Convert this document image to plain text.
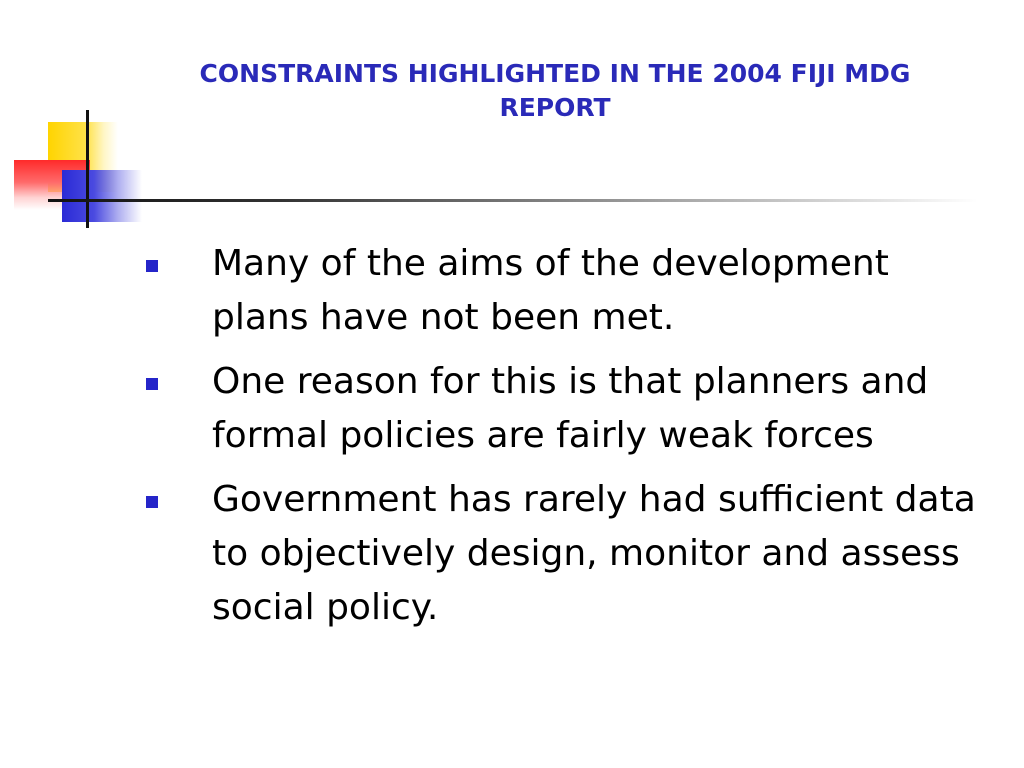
CONSTRAINTS HIGHLIGHTED IN THE 2004 FIJI MDG REPORT
Many of the aims of the development plans have not been met.
One reason for this is that planners and formal policies are fairly weak forces
Government has rarely had sufficient data to objectively design, monitor and assess social policy.
